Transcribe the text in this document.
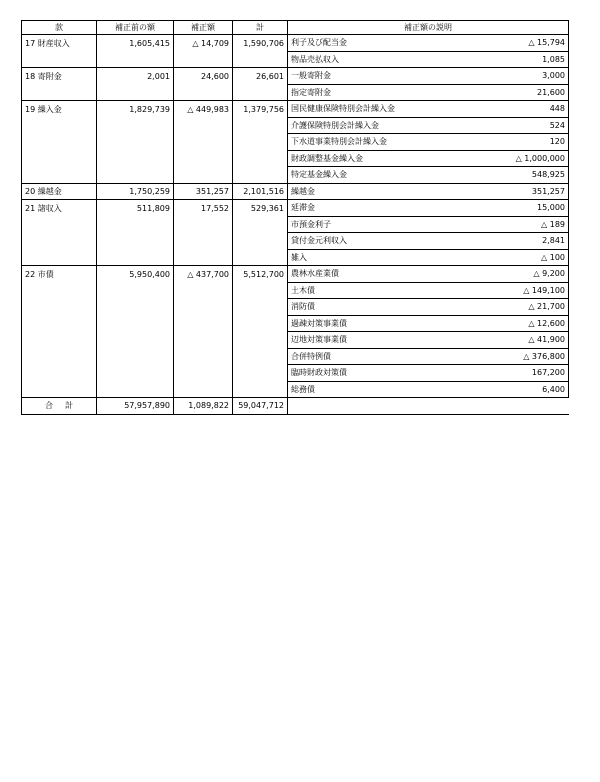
款	補正前の額	補正額	計	補正額の説明	
17 財産収入	1,605,415	△ 14,709	1,590,706	利子及び配当金	△ 15,794
				物品売払収入	1,085
18 寄附金	2,001	24,600	26,601	一般寄附金	3,000
				指定寄附金	21,600
19 繰入金	1,829,739	△ 449,983	1,379,756	国民健康保険特別会計繰入金	448
				介護保険特別会計繰入金	524
				下水道事業特別会計繰入金	120
				財政調整基金繰入金	△ 1,000,000
				特定基金繰入金	548,925
20 繰越金	1,750,259	351,257	2,101,516	繰越金	351,257
21 諸収入	511,809	17,552	529,361	延滞金	15,000
				市預金利子	△ 189
				貸付金元利収入	2,841
				雑入	△ 100
22 市債	5,950,400	△ 437,700	5,512,700	農林水産業債	△ 9,200
				土木債	△ 149,100
				消防債	△ 21,700
				過疎対策事業債	△ 12,600
				辺地対策事業債	△ 41,900
				合併特例債	△ 376,800
				臨時財政対策債	167,200
				総務債	6,400
合 計	57,957,890	1,089,822	59,047,712		
